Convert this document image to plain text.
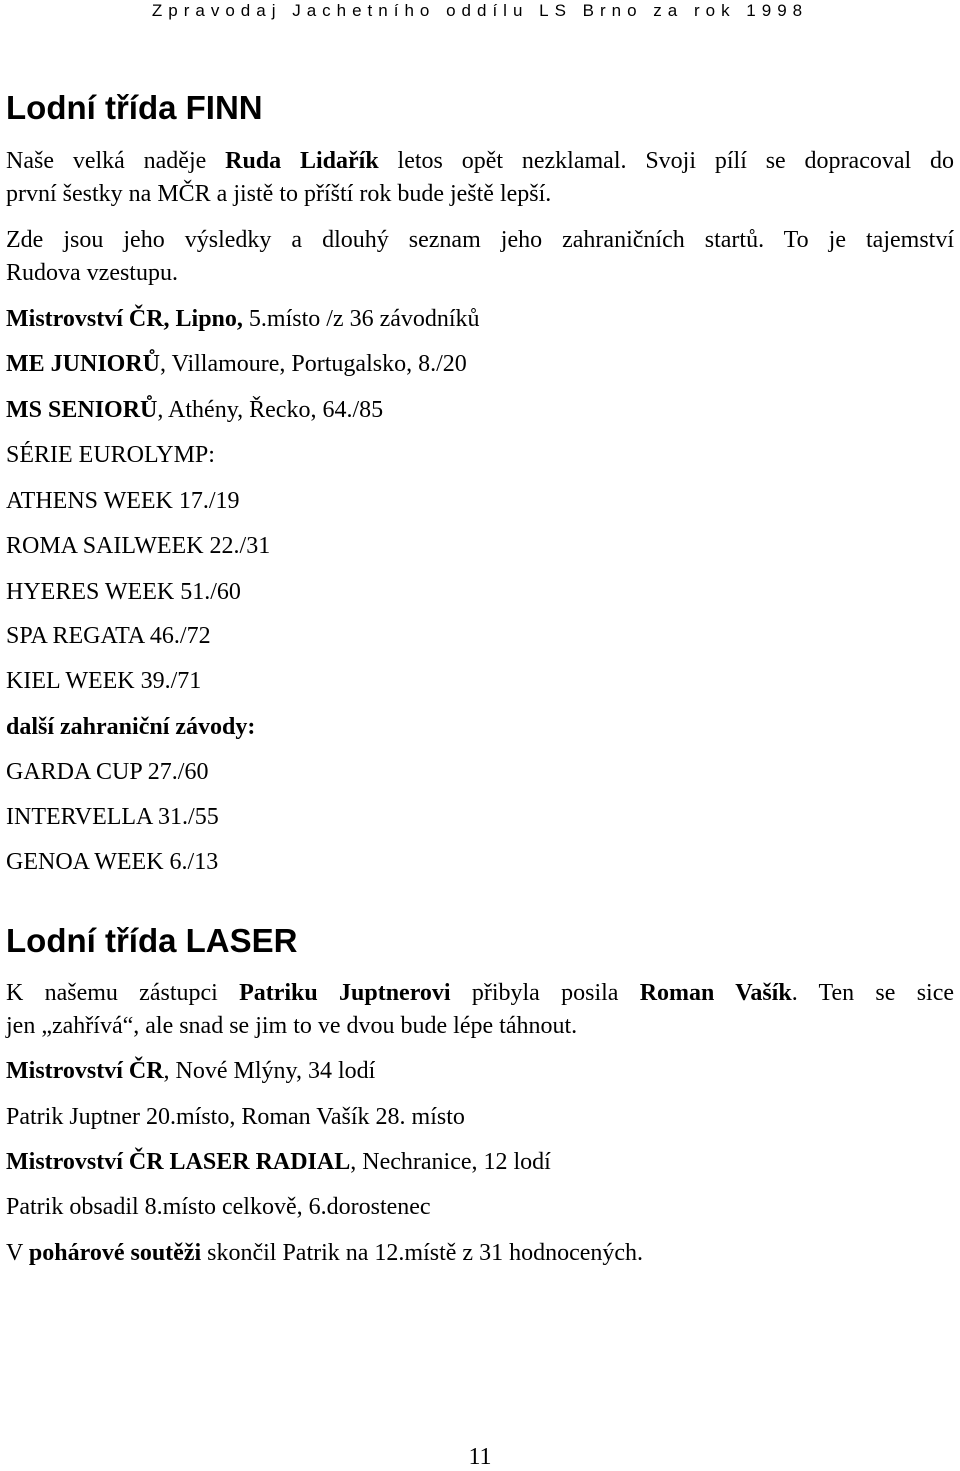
Zpravodaj Jachetního oddílu LS Brno za rok 1998
Lodní třída FINN
Naše velká naděje Ruda Lidařík letos opět nezklamal. Svoji pílí se dopracoval do
první šestky na MČR a jistě to příští rok bude ještě lepší.
Zde jsou jeho výsledky a dlouhý seznam jeho zahraničních startů. To je tajemství
Rudova vzestupu.
Mistrovství ČR, Lipno, 5.místo /z 36 závodníků
ME JUNIORŮ, Villamoure, Portugalsko, 8./20
MS SENIORŮ, Athény, Řecko, 64./85
SÉRIE EUROLYMP:
ATHENS WEEK 17./19
ROMA SAILWEEK 22./31
HYERES WEEK 51./60
SPA REGATA 46./72
KIEL WEEK 39./71
další zahraniční závody:
GARDA CUP 27./60
INTERVELLA 31./55
GENOA WEEK 6./13
Lodní třída LASER
K našemu zástupci Patriku Juptnerovi přibyla posila Roman Vašík. Ten se sice
jen „zahřívá“, ale snad se jim to ve dvou bude lépe táhnout.
Mistrovství ČR, Nové Mlýny, 34 lodí
Patrik Juptner 20.místo, Roman Vašík 28. místo
Mistrovství ČR LASER RADIAL, Nechranice, 12 lodí
Patrik obsadil 8.místo celkově, 6.dorostenec
V pohárové soutěži skončil Patrik na 12.místě z 31 hodnocených.
11
